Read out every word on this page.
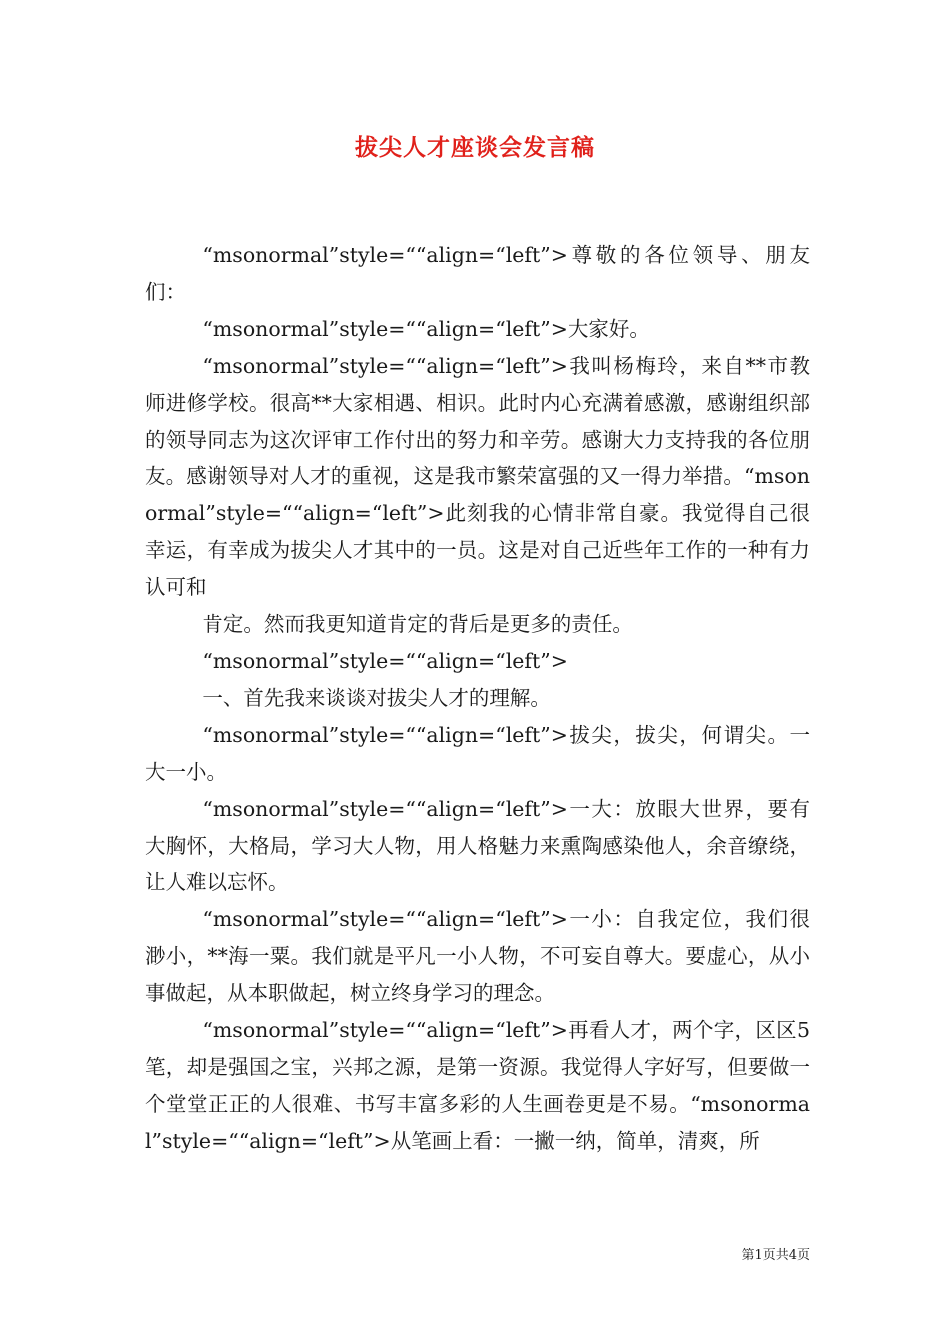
拔尖人才座谈会发言稿

“msonormal”style=““align=“left”>尊敬的各位领导、朋友们：

“msonormal”style=““align=“left”>大家好。

“msonormal”style=““align=“left”>我叫杨梅玲，来自**市教师进修学校。很高**大家相遇、相识。此时内心充满着感激，感谢组织部的领导同志为这次评审工作付出的努力和辛劳。感谢大力支持我的各位朋友。感谢领导对人才的重视，这是我市繁荣富强的又一得力举措。“msonormal”style=““align=“left”>此刻我的心情非常自豪。我觉得自己很幸运，有幸成为拔尖人才其中的一员。这是对自己近些年工作的一种有力认可和

肯定。然而我更知道肯定的背后是更多的责任。

“msonormal”style=““align=“left”>

一、首先我来谈谈对拔尖人才的理解。

“msonormal”style=““align=“left”>拔尖，拔尖，何谓尖。一大一小。

“msonormal”style=““align=“left”>一大：放眼大世界，要有大胸怀，大格局，学习大人物，用人格魅力来熏陶感染他人，余音缭绕，让人难以忘怀。

“msonormal”style=““align=“left”>一小：自我定位，我们很渺小，**海一粟。我们就是平凡一小人物，不可妄自尊大。要虚心，从小事做起，从本职做起，树立终身学习的理念。

“msonormal”style=““align=“left”>再看人才，两个字，区区5笔，却是强国之宝，兴邦之源，是第一资源。我觉得人字好写，但要做一个堂堂正正的人很难、书写丰富多彩的人生画卷更是不易。“msonormal”style=““align=“left”>从笔画上看：一撇一纳，简单，清爽，所

第1页共4页
